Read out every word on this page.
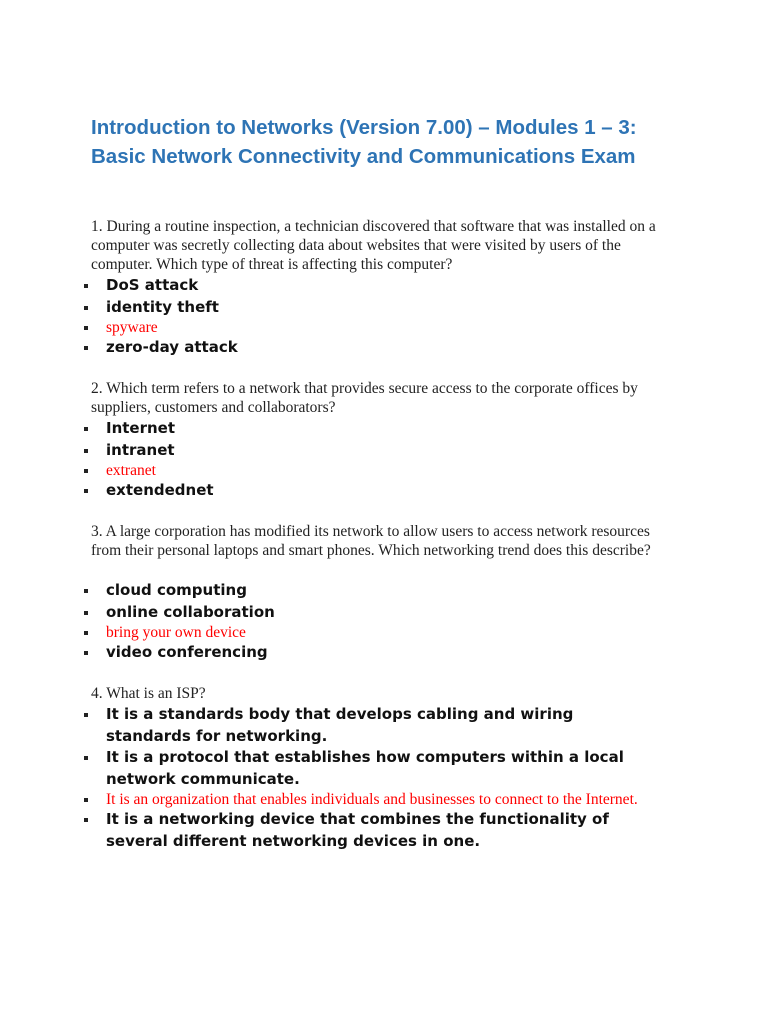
Introduction to Networks (Version 7.00) – Modules 1 – 3: Basic Network Connectivity and Communications Exam
1. During a routine inspection, a technician discovered that software that was installed on a computer was secretly collecting data about websites that were visited by users of the computer. Which type of threat is affecting this computer?
DoS attack
identity theft
spyware
zero-day attack
2. Which term refers to a network that provides secure access to the corporate offices by suppliers, customers and collaborators?
Internet
intranet
extranet
extendednet
3. A large corporation has modified its network to allow users to access network resources from their personal laptops and smart phones. Which networking trend does this describe?
cloud computing
online collaboration
bring your own device
video conferencing
4. What is an ISP?
It is a standards body that develops cabling and wiring standards for networking.
It is a protocol that establishes how computers within a local network communicate.
It is an organization that enables individuals and businesses to connect to the Internet.
It is a networking device that combines the functionality of several different networking devices in one.
